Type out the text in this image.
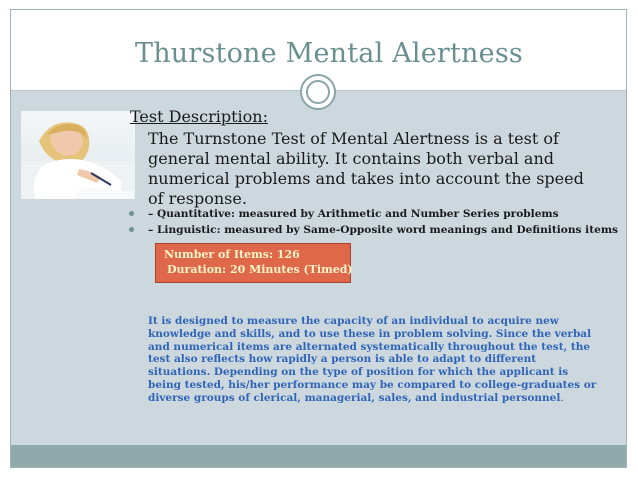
Thurstone Mental Alertness
Test Description:
The Turnstone Test of Mental Alertness is a test of general mental ability. It contains both verbal and numerical problems and takes into account the speed of response.
– Quantitative: measured by Arithmetic and Number Series problems
– Linguistic: measured by Same-Opposite word meanings and Definitions items
Number of Items: 126
Duration: 20 Minutes (Timed)
It is designed to measure the capacity of an individual to acquire new knowledge and skills, and to use these in problem solving. Since the verbal and numerical items are alternated systematically throughout the test, the test also reflects how rapidly a person is able to adapt to different situations. Depending on the type of position for which the applicant is being tested, his/her performance may be compared to college-graduates or diverse groups of clerical, managerial, sales, and industrial personnel.
